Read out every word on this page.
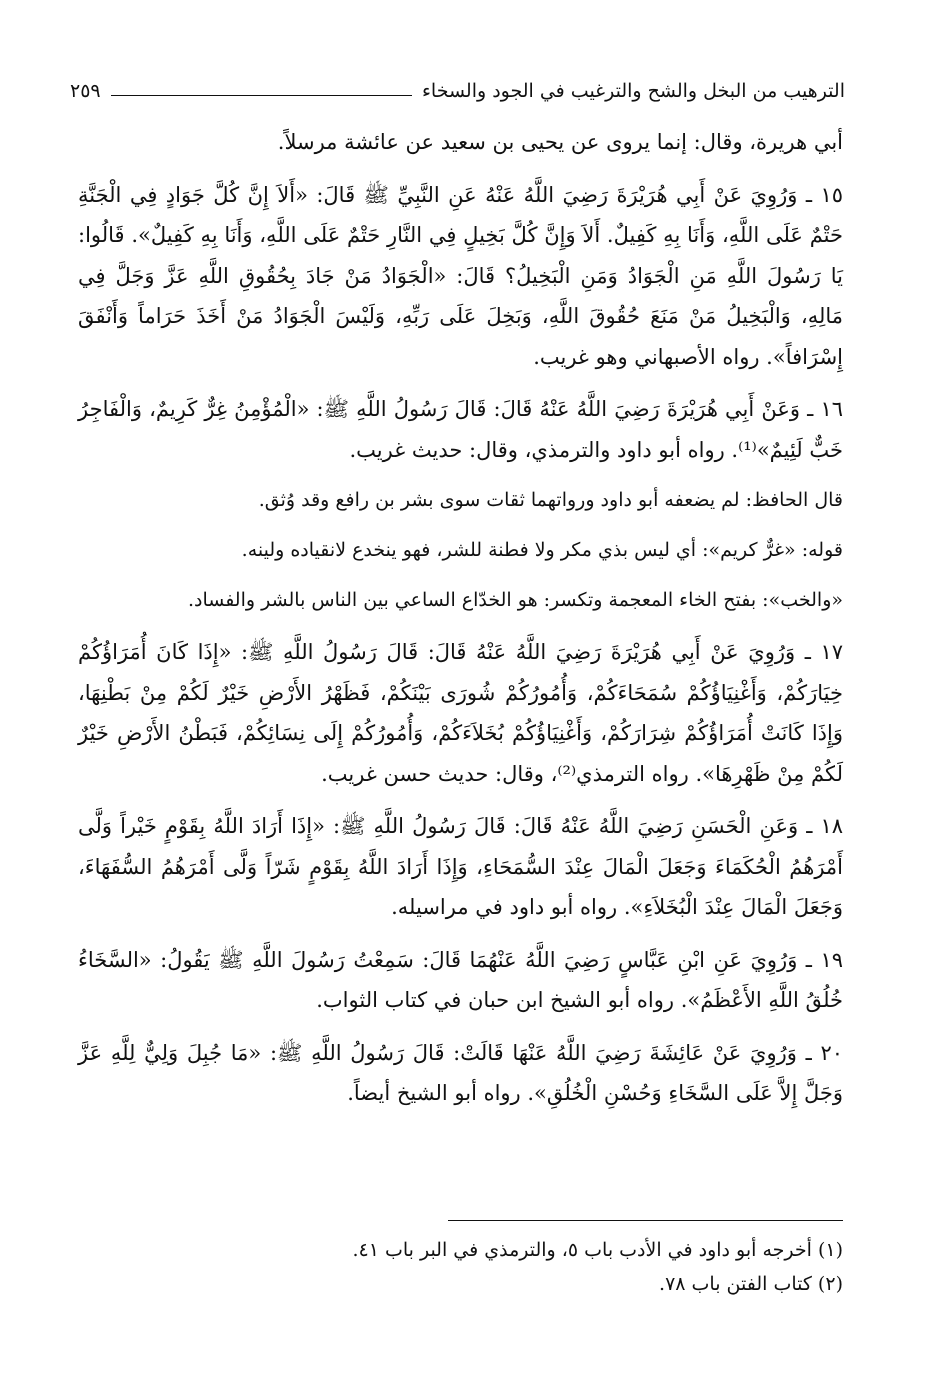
الترهيب من البخل والشح والترغيب في الجود والسخاء
٢٥٩

أبي هريرة، وقال: إنما يروى عن يحيى بن سعيد عن عائشة مرسلاً.

١٥ ـ وَرُوِيَ عَنْ أَبِي هُرَيْرَةَ رَضِيَ اللَّهُ عَنْهُ عَنِ النَّبِيِّ ﷺ قَالَ: «أَلاَ إِنَّ كُلَّ جَوَادٍ فِي الْجَنَّةِ حَتْمٌ عَلَى اللَّهِ، وَأَنَا بِهِ كَفِيلٌ. أَلاَ وَإِنَّ كُلَّ بَخِيلٍ فِي النَّارِ حَتْمٌ عَلَى اللَّهِ، وَأَنَا بِهِ كَفِيلٌ». قَالُوا: يَا رَسُولَ اللَّهِ مَنِ الْجَوَادُ وَمَنِ الْبَخِيلُ؟ قَالَ: «الْجَوَادُ مَنْ جَادَ بِحُقُوقِ اللَّهِ عَزَّ وَجَلَّ فِي مَالِهِ، وَالْبَخِيلُ مَنْ مَنَعَ حُقُوقَ اللَّهِ، وَبَخِلَ عَلَى رَبِّهِ، وَلَيْسَ الْجَوَادُ مَنْ أَخَذَ حَرَاماً وَأَنْفَقَ إِسْرَافاً». رواه الأصبهاني وهو غريب.

١٦ ـ وَعَنْ أَبِي هُرَيْرَةَ رَضِيَ اللَّهُ عَنْهُ قَالَ: قَالَ رَسُولُ اللَّهِ ﷺ: «الْمُؤْمِنُ غِرٌّ كَرِيمٌ، وَالْفَاجِرُ خَبٌّ لَئِيمٌ»⁽¹⁾. رواه أبو داود والترمذي، وقال: حديث غريب.

قال الحافظ: لم يضعفه أبو داود ورواتهما ثقات سوى بشر بن رافع وقد وُثق.

قوله: «غرٌّ كريم»: أي ليس بذي مكر ولا فطنة للشر، فهو ينخدع لانقياده ولينه.

«والخب»: بفتح الخاء المعجمة وتكسر: هو الخدّاع الساعي بين الناس بالشر والفساد.

١٧ ـ وَرُوِيَ عَنْ أَبِي هُرَيْرَةَ رَضِيَ اللَّهُ عَنْهُ قَالَ: قَالَ رَسُولُ اللَّهِ ﷺ: «إِذَا كَانَ أُمَرَاؤُكُمْ خِيَارَكُمْ، وَأَغْنِيَاؤُكُمْ سُمَحَاءَكُمْ، وَأُمُورُكُمْ شُورَى بَيْنَكُمْ، فَظَهْرُ الأَرْضِ خَيْرٌ لَكُمْ مِنْ بَطْنِهَا، وَإِذَا كَانَتْ أُمَرَاؤُكُمْ شِرَارَكُمْ، وَأَغْنِيَاؤُكُمْ بُخَلاَءَكُمْ، وَأُمُورُكُمْ إِلَى نِسَائِكُمْ، فَبَطْنُ الأَرْضِ خَيْرٌ لَكُمْ مِنْ ظَهْرِهَا». رواه الترمذي⁽²⁾، وقال: حديث حسن غريب.

١٨ ـ وَعَنِ الْحَسَنِ رَضِيَ اللَّهُ عَنْهُ قَالَ: قَالَ رَسُولُ اللَّهِ ﷺ: «إِذَا أَرَادَ اللَّهُ بِقَوْمٍ خَيْراً وَلَّى أَمْرَهُمُ الْحُكَمَاءَ وَجَعَلَ الْمَالَ عِنْدَ السُّمَحَاءِ، وَإِذَا أَرَادَ اللَّهُ بِقَوْمٍ شَرّاً وَلَّى أَمْرَهُمُ السُّفَهَاءَ، وَجَعَلَ الْمَالَ عِنْدَ الْبُخَلاَءِ». رواه أبو داود في مراسيله.

١٩ ـ وَرُوِيَ عَنِ ابْنِ عَبَّاسٍ رَضِيَ اللَّهُ عَنْهُمَا قَالَ: سَمِعْتُ رَسُولَ اللَّهِ ﷺ يَقُولُ: «السَّخَاءُ خُلُقُ اللَّهِ الأَعْظَمُ». رواه أبو الشيخ ابن حبان في كتاب الثواب.

٢٠ ـ وَرُوِيَ عَنْ عَائِشَةَ رَضِيَ اللَّهُ عَنْهَا قَالَتْ: قَالَ رَسُولُ اللَّهِ ﷺ: «مَا جُبِلَ وَلِيٌّ لِلَّهِ عَزَّ وَجَلَّ إِلاَّ عَلَى السَّخَاءِ وَحُسْنِ الْخُلُقِ». رواه أبو الشيخ أيضاً.

(١) أخرجه أبو داود في الأدب باب ٥، والترمذي في البر باب ٤١.
(٢) كتاب الفتن باب ٧٨.
